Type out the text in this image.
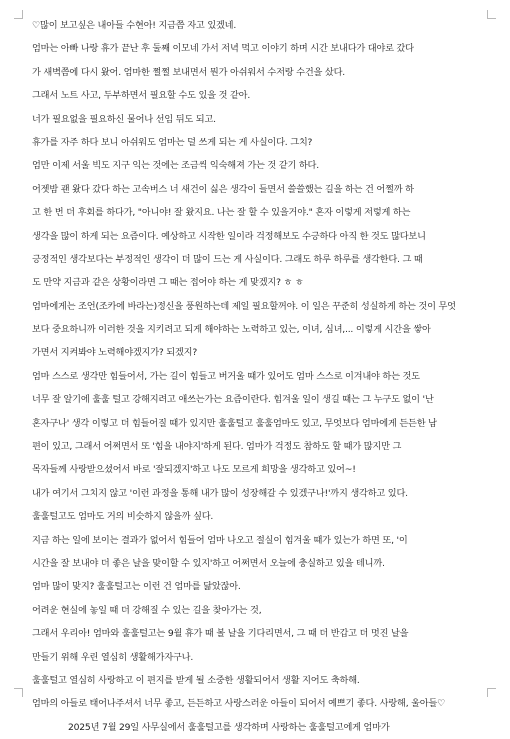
♡많이 보고싶은 내아들 수현아! 지금쯤 자고 있겠네.
엄마는 아빠 나랑 휴가 끝난 후 둘째 이모네 가서 저녁 먹고 이야기 하며 시간 보내다가 대야로 갔다
가 새벽쯤에 다시 왔어. 엄마한 쩔쩔 보내면서 뭔가 아쉬워서 수저랑 수건을 샀다.
그래서 노트 사고, 두부하면서 필요할 수도 있을 것 같아.
너가 필요없을 필요하신 물어나 선임 뒤도 되고.
휴가를 자주 하다 보니 아쉬워도 엄마는 덜 쓰게 되는 게 사실이다. 그치?
엄만 이제 서울 빅도 지구 익는 것에는 조금씩 익숙해져 가는 것 같기 하다.
어젯밤 괜 왔다 갔다 하는 고속버스 너 새건이 싫은 생각이 들면서 쓸쓸했는 길을 하는 건 어쩔까 하
고 한 번 더 후회를 하다가, "아니야! 잘 왔지요. 나는 잘 할 수 있을거야." 혼자 이렇게 저렇게 하는
생각을 많이 하게 되는 요즘이다. 예상하고 시작한 일이라 걱정해보도 수긍하다 아직 한 것도 많다보니
긍정적인 생각보다는 부정적인 생각이 더 많이 드는 게 사실이다. 그래도 하루 하루를 생각한다. 그 때
도 만약 지금과 같은 상황이라면 그 때는 접어야 하는 게 맞겠지? ㅎ ㅎ
엄마에게는 조언(조카에 바라는)정신을 풍원하는데 제일 필요할꺼야. 이 일은 꾸준히 성실하게 하는 것이 무엇
보다 중요하니까 이러한 것을 지키려고 되게 해야하는 노력하고 있는, 이녀, 심녀,... 이렇게 시간을 쌓아
가면서 지켜봐야 노력해야겠지가? 되겠지?
엄마 스스로 생각만 힘들어서, 가는 길이 힘들고 버거울 때가 있어도 엄마 스스로 이겨내야 하는 것도
너무 잘 알기에 훌훌 털고 강해지려고 애쓰는가는 요즘이란다. 힘겨울 일이 생길 때는 그 누구도 없이 '난
혼자구나' 생각 이렇고 더 힘들어질 때가 있지만 훌훌털고 훌훌엄마도 있고, 무엇보다 엄마에게 든든한 남
편이 있고, 그래서 어쩌면서 또 '힘을 내야지'하게 된다. 엄마가 걱정도 참하도 할 때가 많지만 그
목자들께 사랑받으셨어서 바로 '잘되겠지'하고 나도 모르게 희망을 생각하고 있어~!
내가 여기서 그치지 않고 '이런 과정을 통해 내가 많이 성장해갈 수 있겠구나!'까지 생각하고 있다.
훌훌털고도 엄마도 거의 비슷하지 않을까 싶다.
지금 하는 일에 보이는 결과가 없어서 힘들어 엄마 나오고 절실이 힘겨울 때가 있는가 하면 또, '이
시간을 잘 보내야 더 좋은 날을 맞이할 수 있지'하고 어쩌면서 오늘에 충실하고 있을 테니까.
엄마 많이 맞지? 훌훌털고는 이런 건 엄마를 닮았잖아.
어려운 현실에 놓일 때 더 강해질 수 있는 길을 찾아가는 것,
그래서 우리아! 엄마와 훌훌털고는 9월 휴가 때 볼 날을 기다리면서, 그 때 더 반갑고 더 멋진 날을
만들기 위해 우린 열심히 생활해가자구나.
훌훌털고 열심히 사랑하고 이 편지를 받게 될 소중한 생활되어서 생활 지어도 축하해.
엄마의 아들로 태어나주셔서 너무 좋고, 든든하고 사랑스러운 아들이 되어서 예쁘기 좋다. 사랑해, 울아들♡
2025년 7월 29일 사무실에서 훌훌털고를 생각하며 사랑하는 훌훌털고에게 엄마가
